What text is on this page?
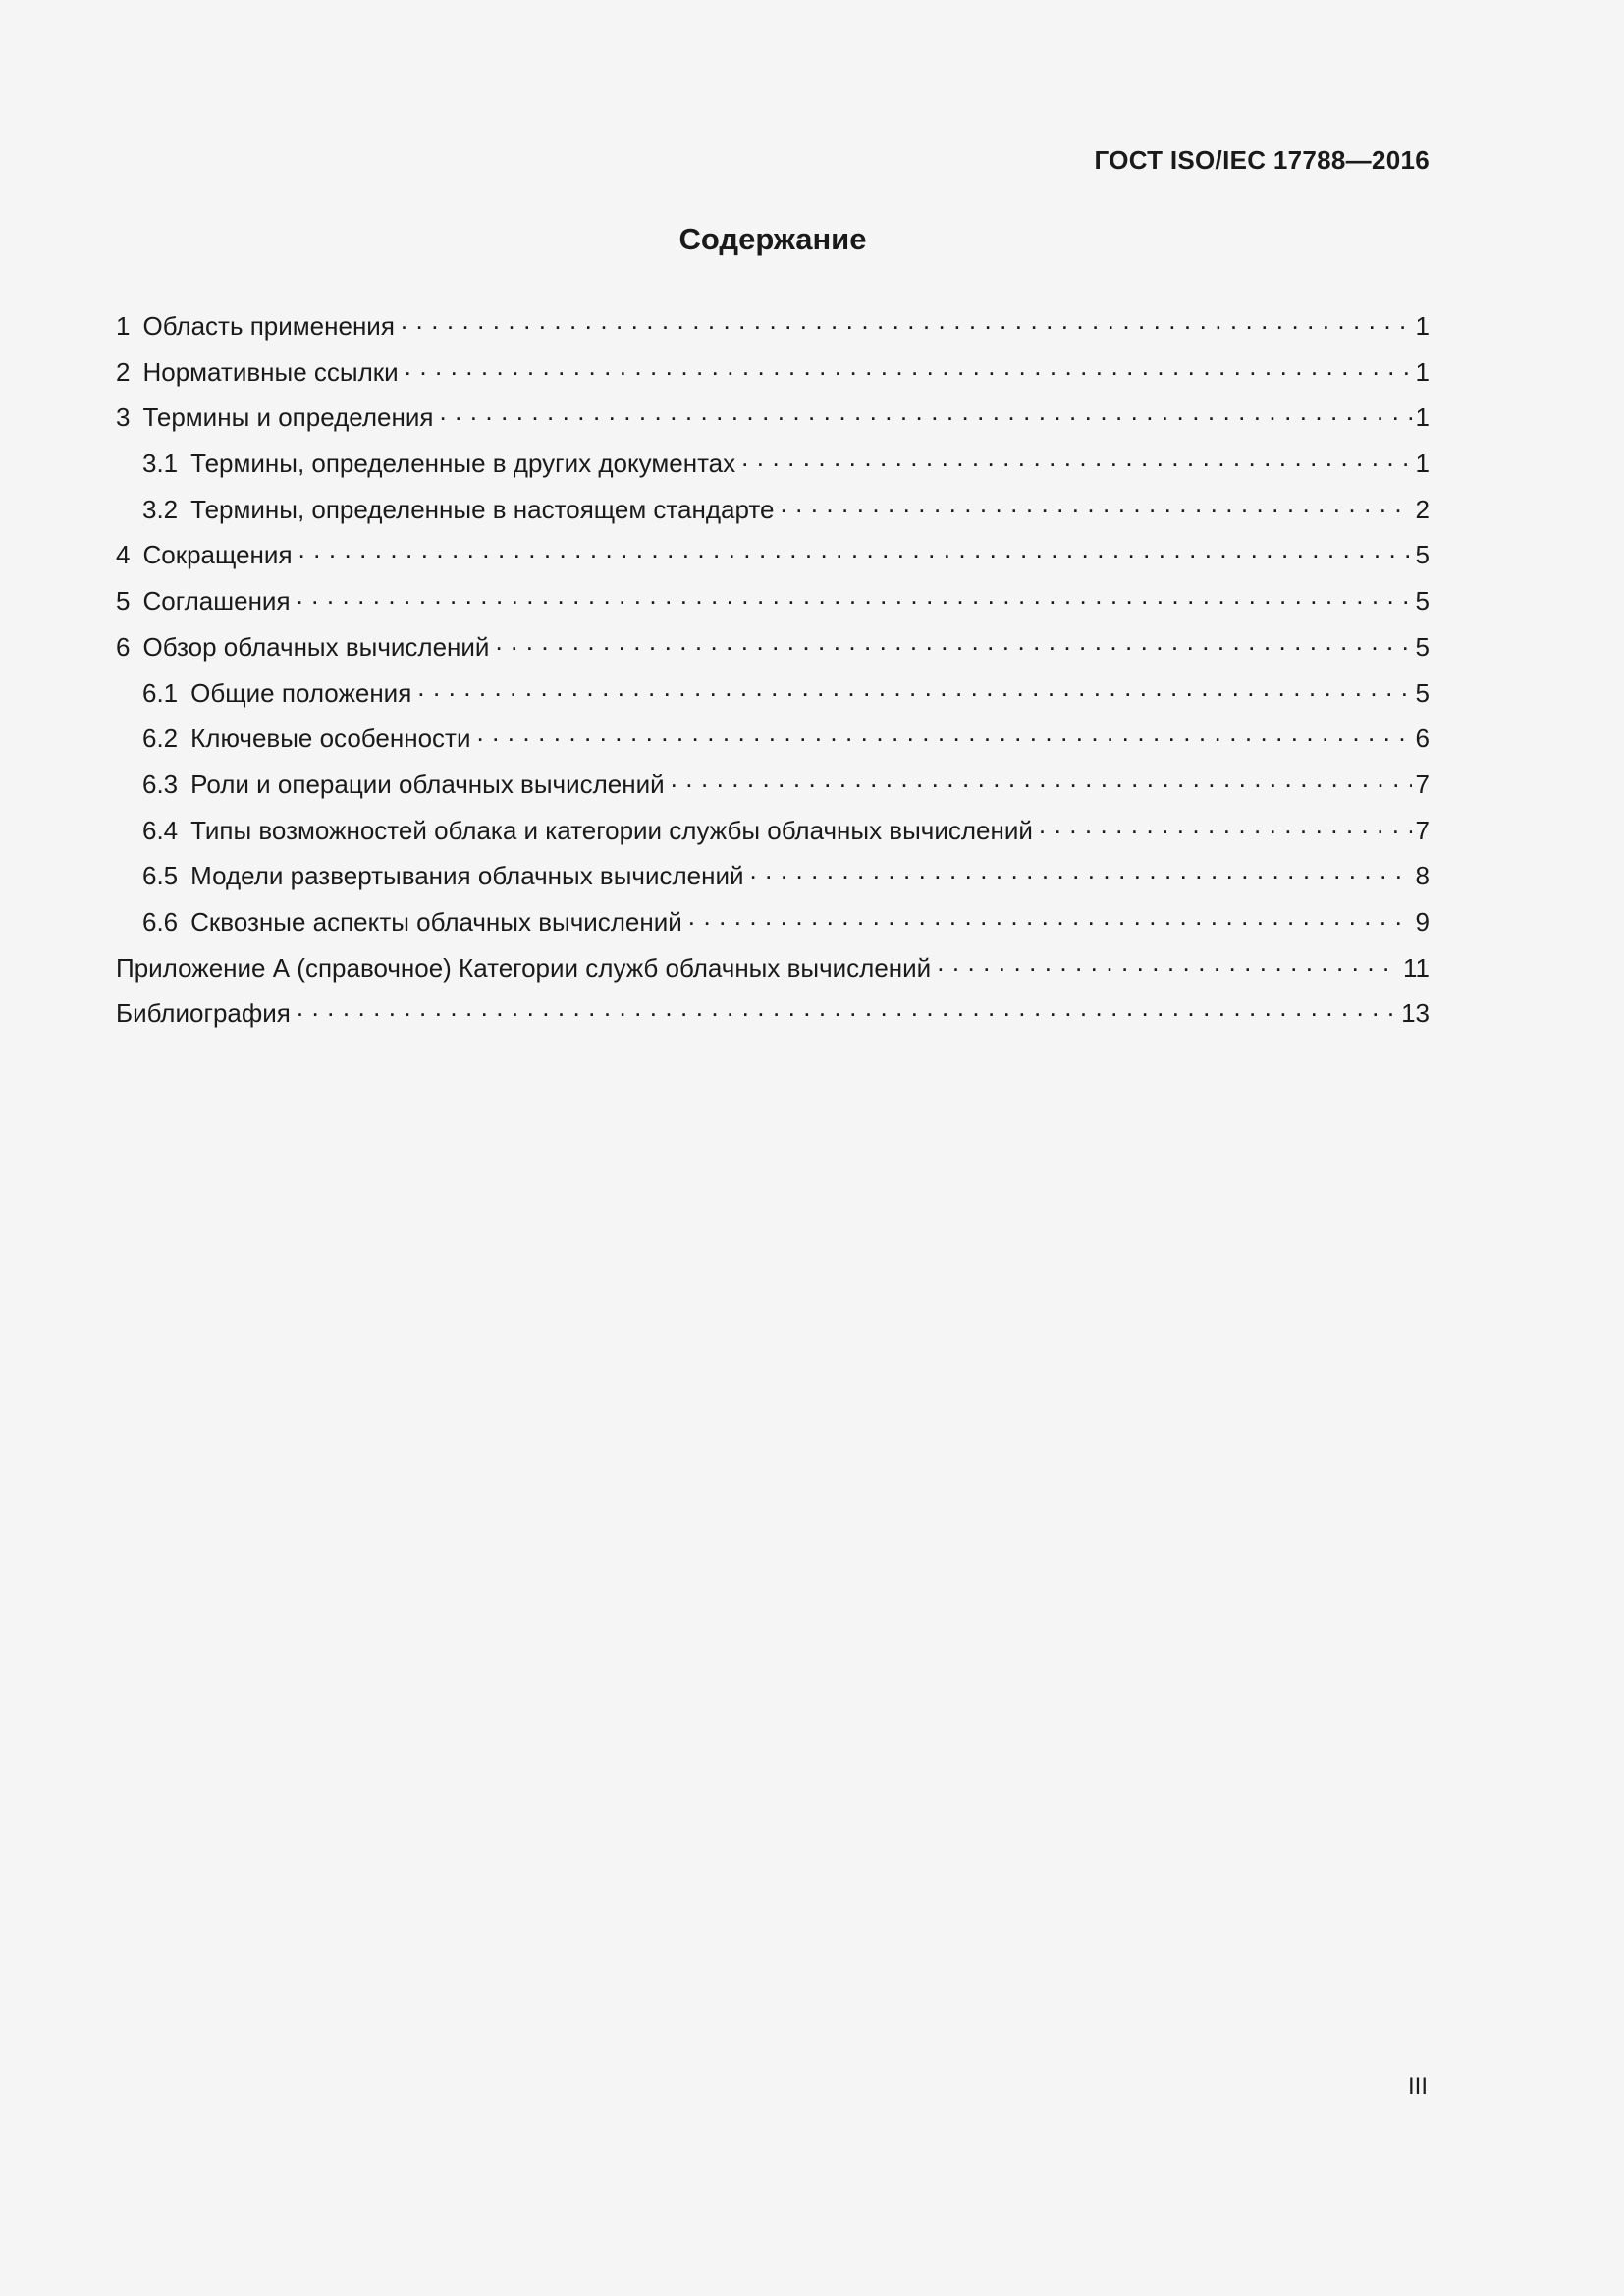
ГОСТ ISO/IEC 17788—2016
Содержание
1 Область применения . . .	1
2 Нормативные ссылки . . .	1
3 Термины и определения . . .	1
3.1 Термины, определенные в других документах . . .	1
3.2 Термины, определенные в настоящем стандарте . . .	2
4 Сокращения . . .	5
5 Соглашения . . .	5
6 Обзор облачных вычислений . . .	5
6.1 Общие положения . . .	5
6.2 Ключевые особенности . . .	6
6.3 Роли и операции облачных вычислений . . .	7
6.4 Типы возможностей облака и категории службы облачных вычислений . . .	7
6.5 Модели развертывания облачных вычислений . . .	8
6.6 Сквозные аспекты облачных вычислений . . .	9
Приложение А (справочное) Категории служб облачных вычислений . . .	11
Библиография . . .	13
III
